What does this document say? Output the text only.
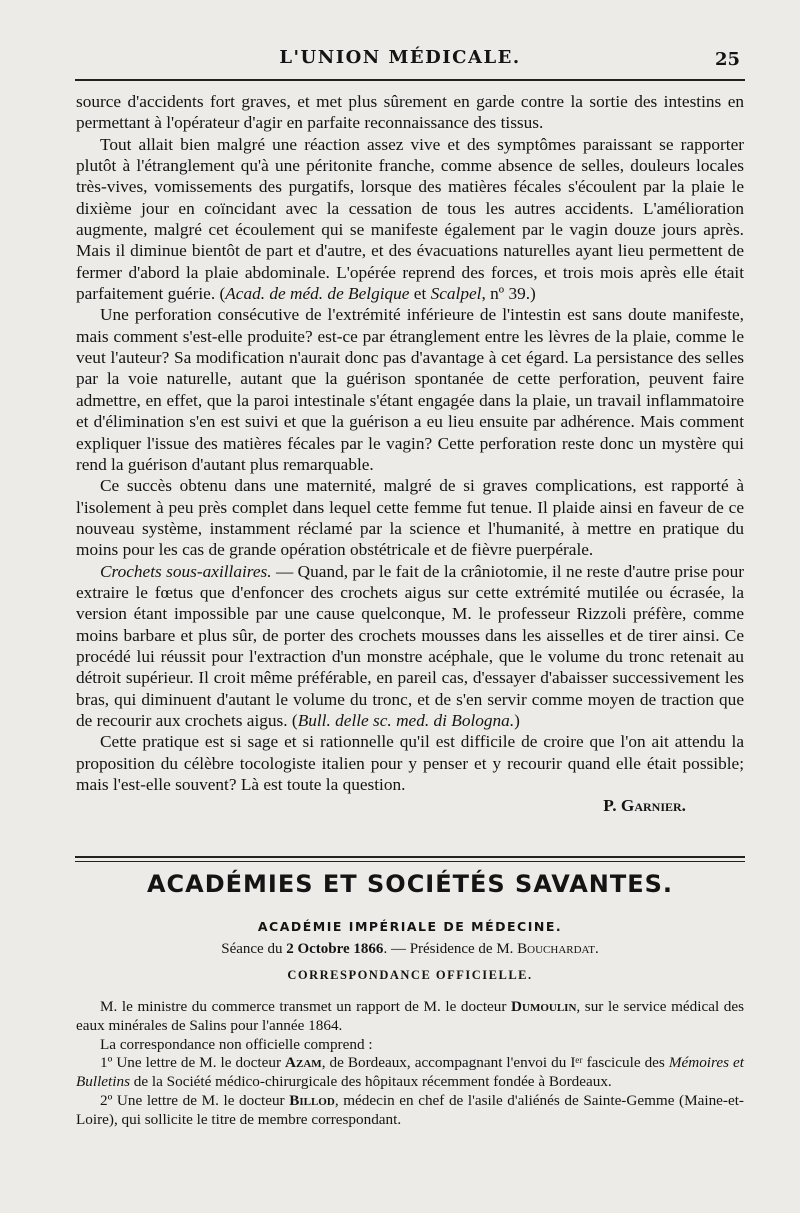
L'UNION MÉDICALE.	25

source d'accidents fort graves, et met plus sûrement en garde contre la sortie des intestins en permettant à l'opérateur d'agir en parfaite reconnaissance des tissus.

Tout allait bien malgré une réaction assez vive et des symptômes paraissant se rapporter plutôt à l'étranglement qu'à une péritonite franche, comme absence de selles, douleurs locales très-vives, vomissements des purgatifs, lorsque des matières fécales s'écoulent par la plaie le dixième jour en coïncidant avec la cessation de tous les autres accidents. L'amélioration augmente, malgré cet écoulement qui se manifeste également par le vagin douze jours après. Mais il diminue bientôt de part et d'autre, et des évacuations naturelles ayant lieu permettent de fermer d'abord la plaie abdominale. L'opérée reprend des forces, et trois mois après elle était parfaitement guérie. (Acad. de méd. de Belgique et Scalpel, nº 39.)

Une perforation consécutive de l'extrémité inférieure de l'intestin est sans doute manifeste, mais comment s'est-elle produite? est-ce par étranglement entre les lèvres de la plaie, comme le veut l'auteur? Sa modification n'aurait donc pas d'avantage à cet égard. La persistance des selles par la voie naturelle, autant que la guérison spontanée de cette perforation, peuvent faire admettre, en effet, que la paroi intestinale s'étant engagée dans la plaie, un travail inflammatoire et d'élimination s'en est suivi et que la guérison a eu lieu ensuite par adhérence. Mais comment expliquer l'issue des matières fécales par le vagin? Cette perforation reste donc un mystère qui rend la guérison d'autant plus remarquable.

Ce succès obtenu dans une maternité, malgré de si graves complications, est rapporté à l'isolement à peu près complet dans lequel cette femme fut tenue. Il plaide ainsi en faveur de ce nouveau système, instamment réclamé par la science et l'humanité, à mettre en pratique du moins pour les cas de grande opération obstétricale et de fièvre puerpérale.

Crochets sous-axillaires. — Quand, par le fait de la crâniotomie, il ne reste d'autre prise pour extraire le fœtus que d'enfoncer des crochets aigus sur cette extrémité mutilée ou écrasée, la version étant impossible par une cause quelconque, M. le professeur Rizzoli préfère, comme moins barbare et plus sûr, de porter des crochets mousses dans les aisselles et de tirer ainsi. Ce procédé lui réussit pour l'extraction d'un monstre acéphale, que le volume du tronc retenait au détroit supérieur. Il croit même préférable, en pareil cas, d'essayer d'abaisser successivement les bras, qui diminuent d'autant le volume du tronc, et de s'en servir comme moyen de traction que de recourir aux crochets aigus. (Bull. delle sc. med. di Bologna.)

Cette pratique est si sage et si rationnelle qu'il est difficile de croire que l'on ait attendu la proposition du célèbre tocologiste italien pour y penser et y recourir quand elle était possible; mais l'est-elle souvent? Là est toute la question.

P. Garnier.

ACADÉMIES ET SOCIÉTÉS SAVANTES.
ACADÉMIE IMPÉRIALE DE MÉDECINE.
Séance du 2 Octobre 1866. — Présidence de M. Bouchardat.
CORRESPONDANCE OFFICIELLE.

M. le ministre du commerce transmet un rapport de M. le docteur Dumoulin, sur le service médical des eaux minérales de Salins pour l'année 1864.

La correspondance non officielle comprend :

1º Une lettre de M. le docteur Azam, de Bordeaux, accompagnant l'envoi du Iᵉʳ fascicule des Mémoires et Bulletins de la Société médico-chirurgicale des hôpitaux récemment fondée à Bordeaux.

2º Une lettre de M. le docteur Billod, médecin en chef de l'asile d'aliénés de Sainte-Gemme (Maine-et-Loire), qui sollicite le titre de membre correspondant.
